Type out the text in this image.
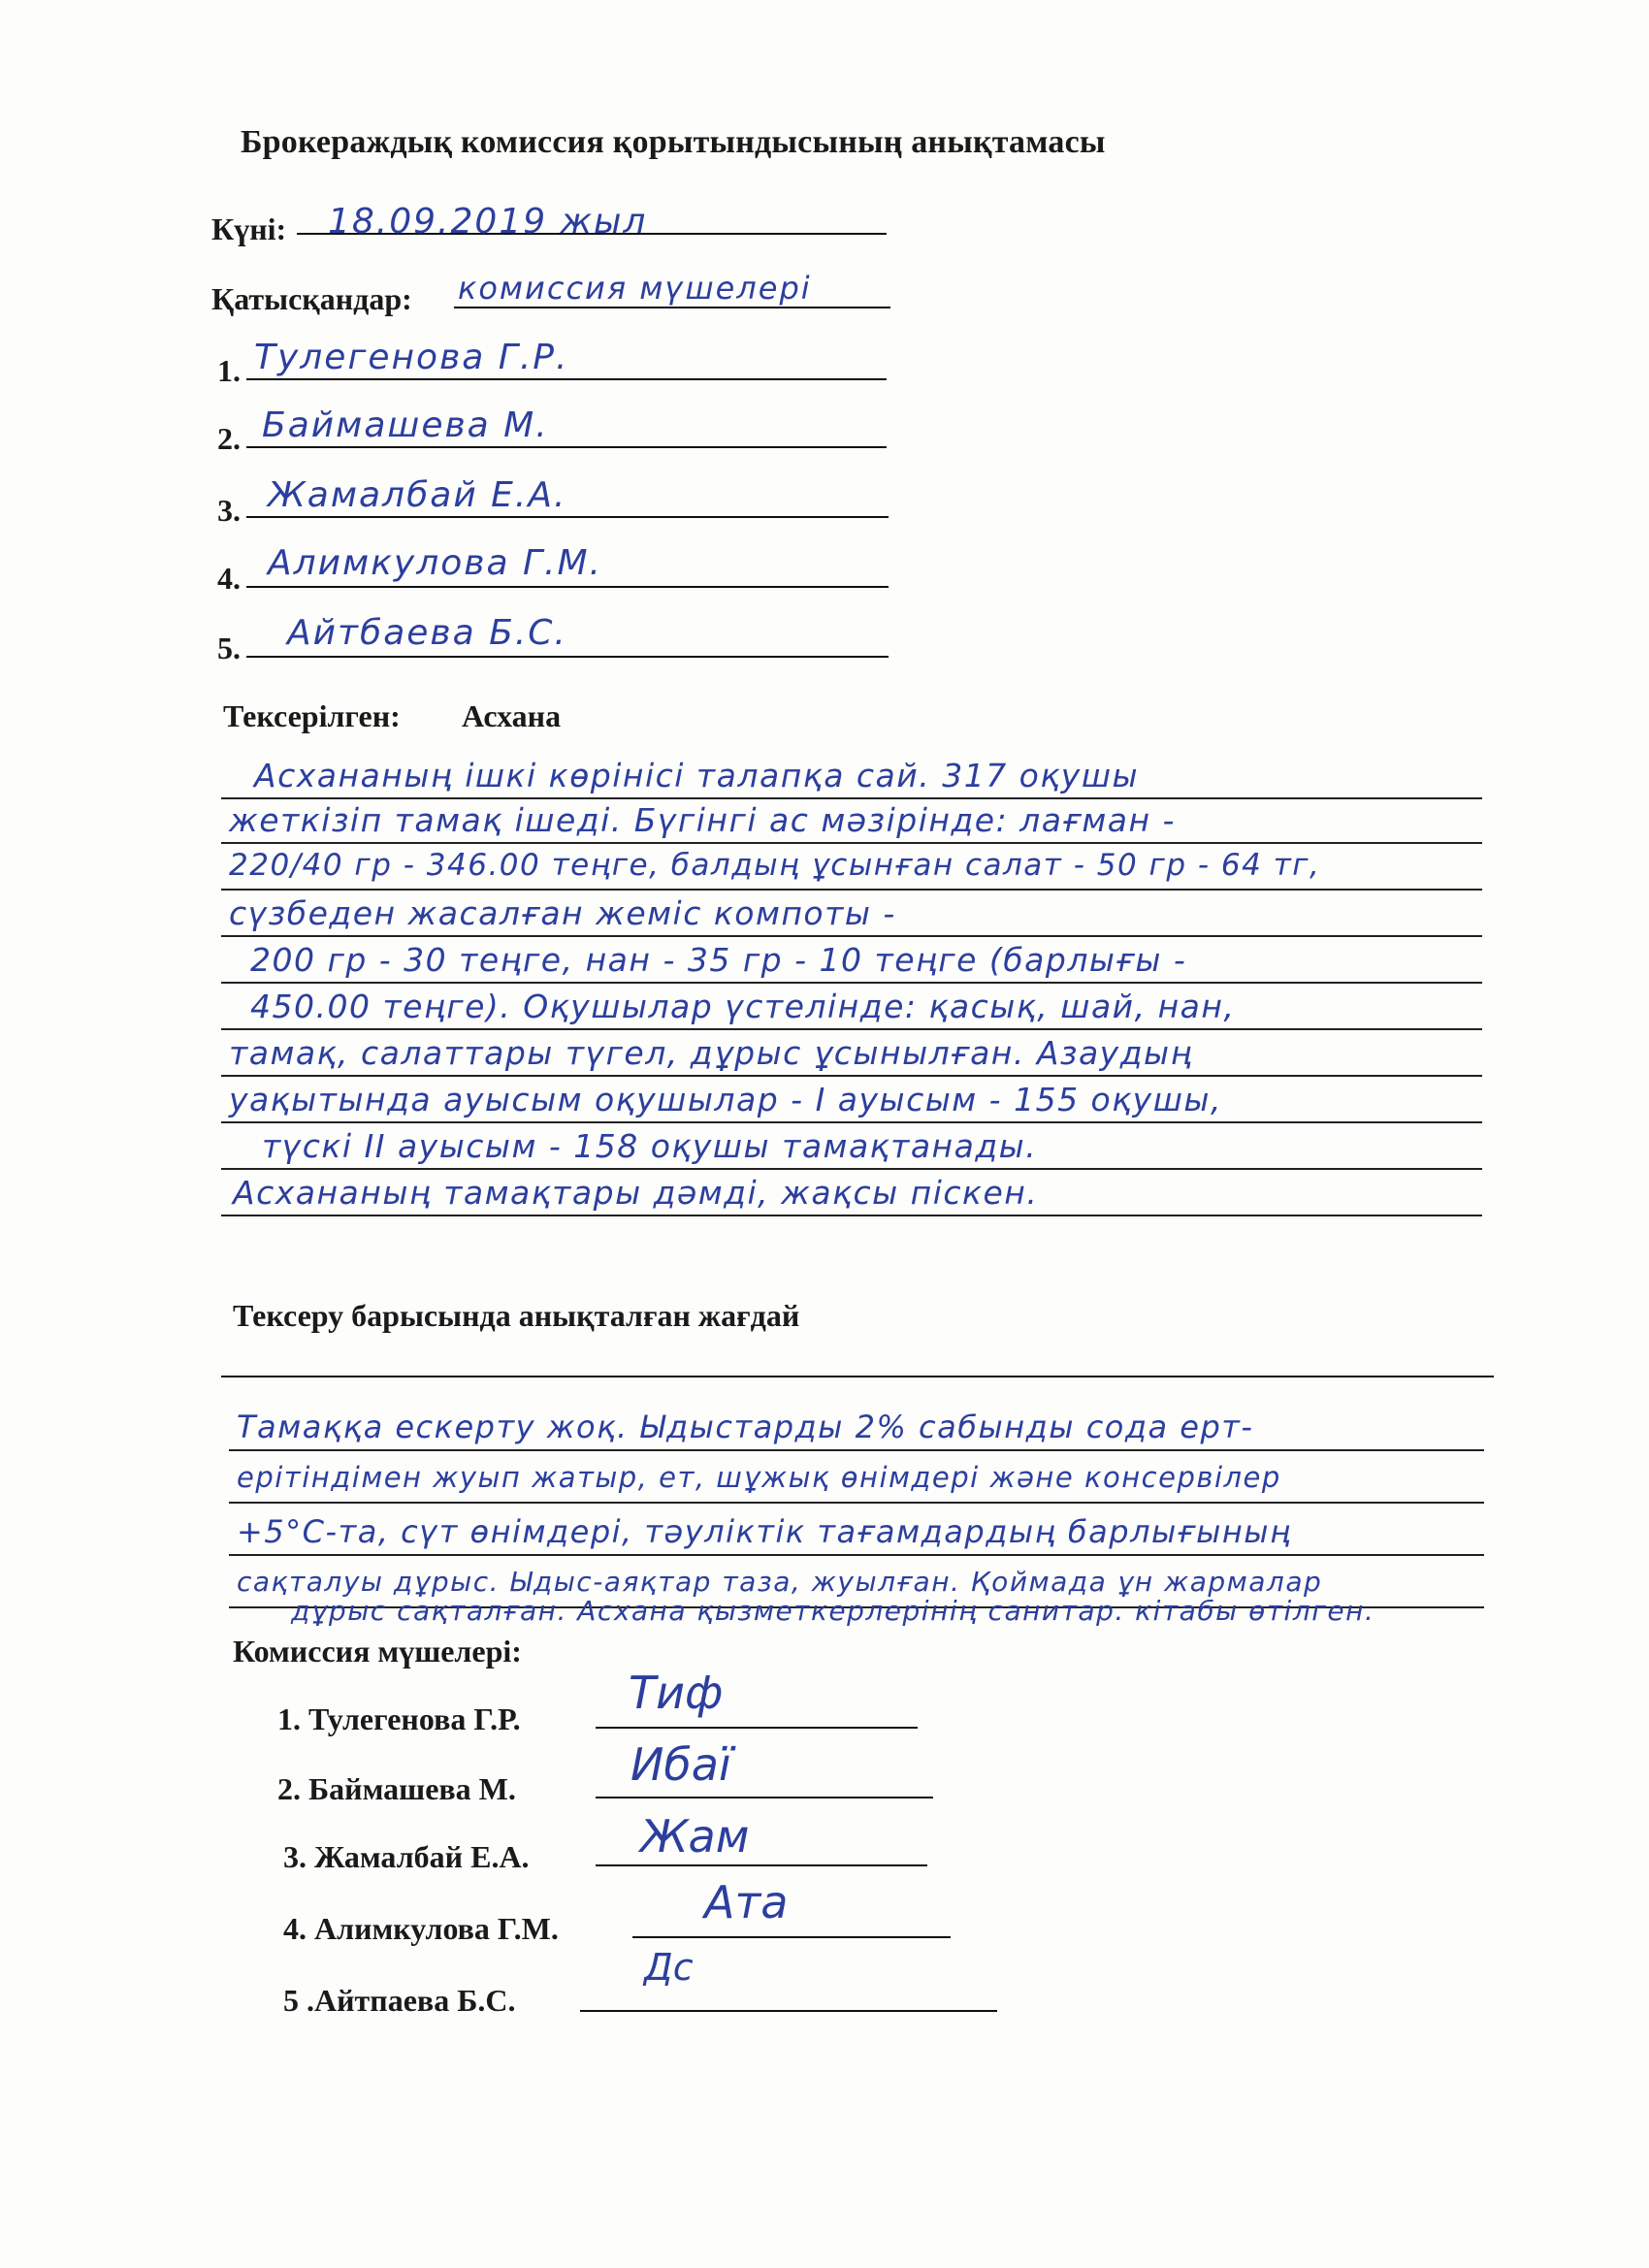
Брокераждық комиссия қорытындысының анықтамасы
Күні: 18.09.2019 жыл
Қатысқандар: комиссия мүшелері
1. Тулегенова Г.Р.
2. Баймашева М.
3. Жамалбай Е.А.
4. Алимкулова Г.М.
5. Айтбаева Б.С.
Тексерілген: Асхана
Асхананың ішкі көрінісі талапқа сай. 317 оқушы
жеткізіп тамақ ішеді. Бүгінгі ас мәзірінде: лағман -
220/40 гр - 346.00 теңге, балдың ұсынған салат - 50 гр - 64 тг,
сүзбеден жасалған жеміс компоты -
200 гр - 30 теңге, нан - 35 гр - 10 теңге (барлығы -
450.00 теңге). Оқушылар үстелінде: қасық, шай, нан,
тамақ, салаттары түгел, дұрыс ұсынылған. Азаудың
уақытында ауысым оқушылар - I ауысым - 155 оқушы,
түскі II ауысым - 158 оқушы тамақтанады.
Асхананың тамақтары дәмді, жақсы піскен.
Тексеру барысында анықталған жағдай
Тамаққа ескерту жоқ. Ыдыстарды 2% сабынды сода ерт-
ерітіндімен жуып жатыр, ет, шұжық өнімдері және консервілер
+5°С-та, сүт өнімдері, тәуліктік тағамдардың барлығының
сақталуы дұрыс. Ыдыс-аяқтар таза, жуылған. Қоймада ұн жармалар
дұрыс сақталған. Асхана қызметкерлерінің санитар. кітабы өтілген.
Комиссия мүшелері:
1. Тулегенова Г.Р. Тиф
2. Баймашева М.	Ибаї
3. Жамалбай Е.А. Жам
4. Алимкулова Г.М.	Ата
5 .Айтпаева Б.С.
Дс
